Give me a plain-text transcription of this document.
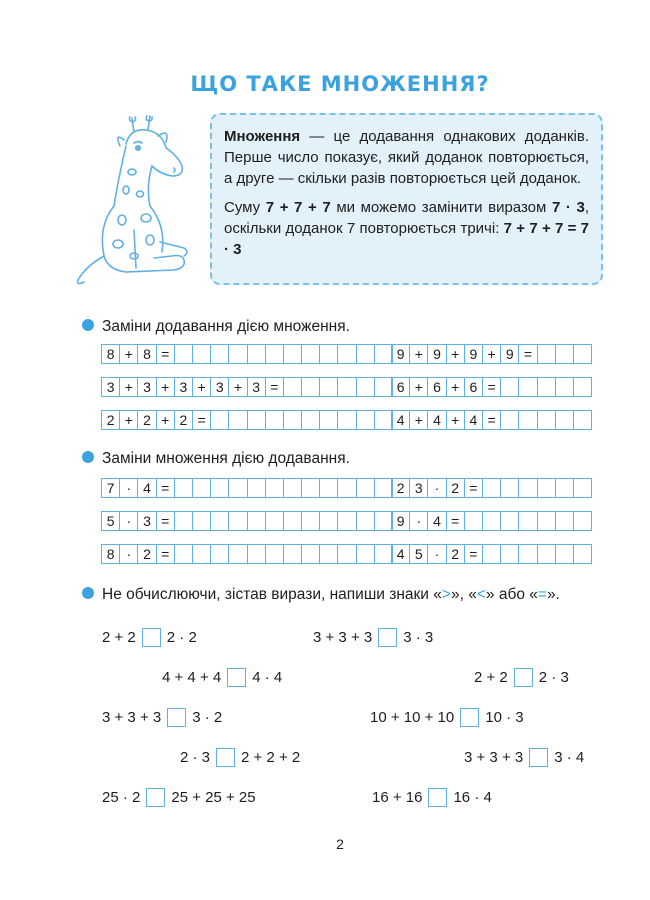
ЩО ТАКЕ МНОЖЕННЯ?

Множення — це додавання однакових доданків. Перше число показує, який доданок повторюється, а друге — скільки разів повторюється цей доданок.

Суму 7 + 7 + 7 ми можемо замінити виразом 7 · 3, оскільки доданок 7 повторюється тричі: 7 + 7 + 7 = 7 · 3

Заміни додавання дією множення.
Заміни множення дією додавання.
Не обчислюючи, зістав вирази, напиши знаки «>», «<» або «=».
8 + 8 =	9 + 9 + 9 + 9 =
3 + 3 + 3 + 3 + 3 =	6 + 6 + 6 =
2 + 2 + 2 =	4 + 4 + 4 =
7 · 4 =	2 3 · 2 =
5 · 3 =	9 · 4 =
8 · 2 =	4 5 · 2 =
2 + 2 2 · 2	3 + 3 + 3 3 · 3
4 + 4 + 4 4 · 4	2 + 2 2 · 3
3 + 3 + 3 3 · 2	10 + 10 + 10 10 · 3
2 · 3 2 + 2 + 2	3 + 3 + 3 3 · 4
25 · 2 25 + 25 + 25	16 + 16 16 · 4
2
